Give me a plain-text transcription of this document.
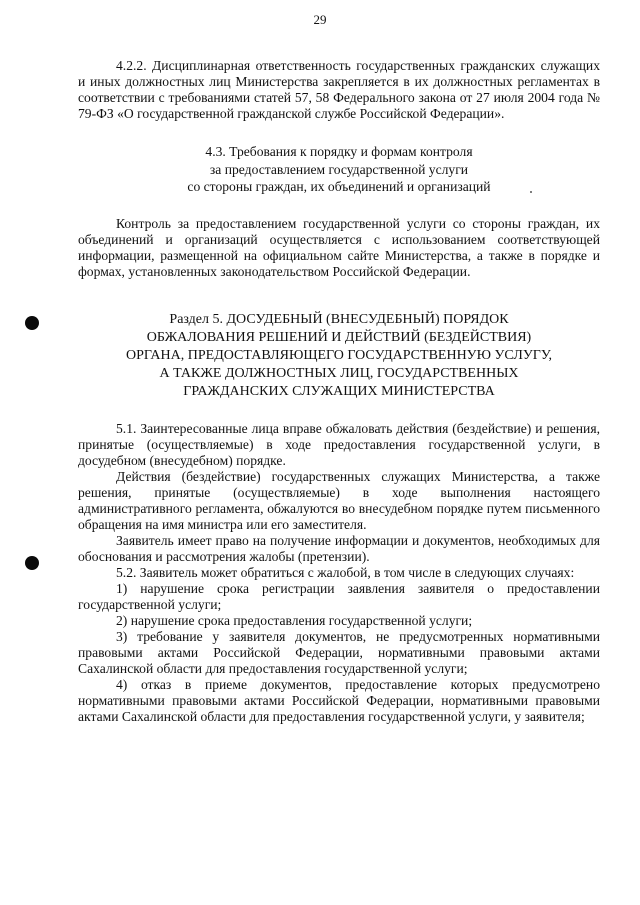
29

4.2.2. Дисциплинарная ответственность государственных гражданских служащих и иных должностных лиц Министерства закрепляется в их должностных регламентах в соответствии с требованиями статей 57, 58 Федерального закона от 27 июля 2004 года № 79-ФЗ «О государственной гражданской службе Российской Федерации».

4.3. Требования к порядку и формам контроля
за предоставлением государственной услуги
со стороны граждан, их объединений и организаций

Контроль за предоставлением государственной услуги со стороны граждан, их объединений и организаций осуществляется с использованием соответствующей информации, размещенной на официальном сайте Министерства, а также в порядке и формах, установленных законодательством Российской Федерации.

Раздел 5. ДОСУДЕБНЫЙ (ВНЕСУДЕБНЫЙ) ПОРЯДОК
ОБЖАЛОВАНИЯ РЕШЕНИЙ И ДЕЙСТВИЙ (БЕЗДЕЙСТВИЯ)
ОРГАНА, ПРЕДОСТАВЛЯЮЩЕГО ГОСУДАРСТВЕННУЮ УСЛУГУ,
А ТАКЖЕ ДОЛЖНОСТНЫХ ЛИЦ, ГОСУДАРСТВЕННЫХ
ГРАЖДАНСКИХ СЛУЖАЩИХ МИНИСТЕРСТВА

5.1. Заинтересованные лица вправе обжаловать действия (бездействие) и решения, принятые (осуществляемые) в ходе предоставления государственной услуги, в досудебном (внесудебном) порядке.

Действия (бездействие) государственных служащих Министерства, а также решения, принятые (осуществляемые) в ходе выполнения настоящего административного регламента, обжалуются во внесудебном порядке путем письменного обращения на имя министра или его заместителя.

Заявитель имеет право на получение информации и документов, необходимых для обоснования и рассмотрения жалобы (претензии).

5.2. Заявитель может обратиться с жалобой, в том числе в следующих случаях:

1) нарушение срока регистрации заявления заявителя о предоставлении государственной услуги;

2) нарушение срока предоставления государственной услуги;

3) требование у заявителя документов, не предусмотренных нормативными правовыми актами Российской Федерации, нормативными правовыми актами Сахалинской области для предоставления государственной услуги;

4) отказ в приеме документов, предоставление которых предусмотрено нормативными правовыми актами Российской Федерации, нормативными правовыми актами Сахалинской области для предоставления государственной услуги, у заявителя;
